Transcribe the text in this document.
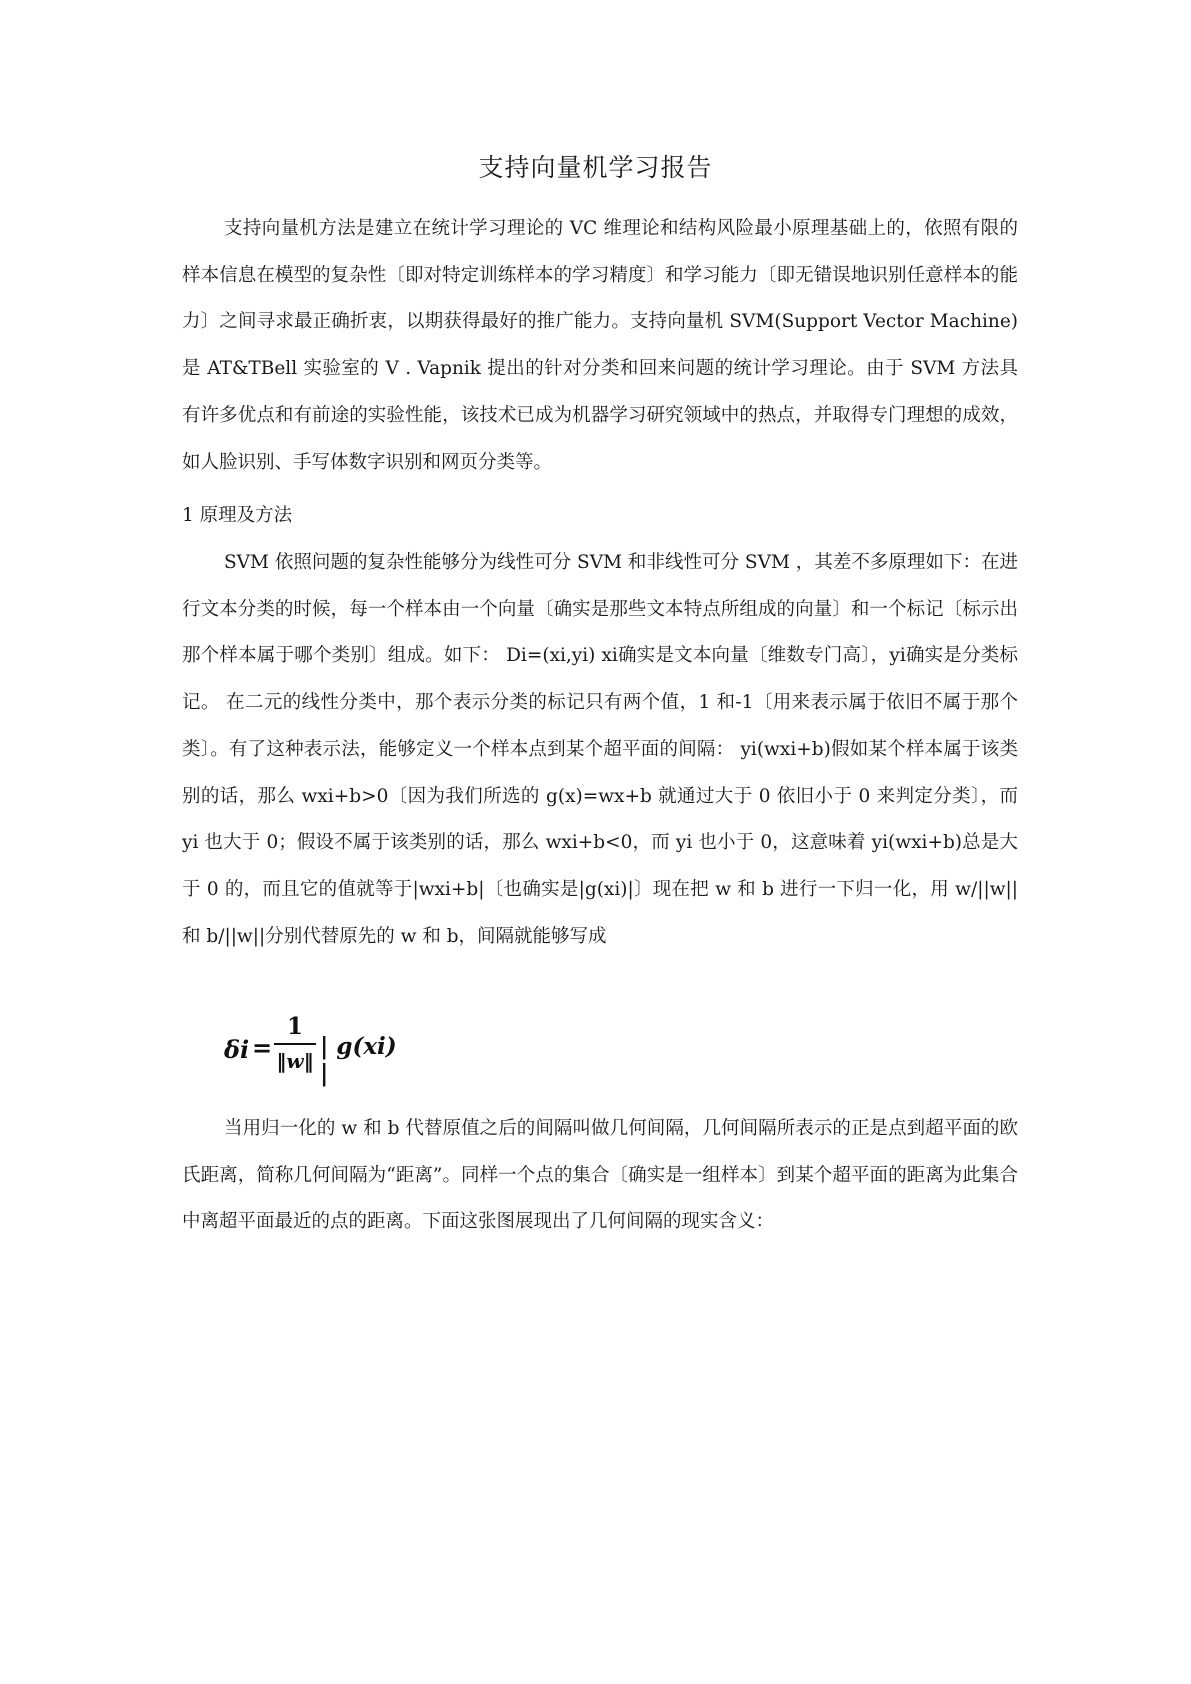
支持向量机学习报告

支持向量机方法是建立在统计学习理论的 VC 维理论和结构风险最小原理基础上的，依照有限的样本信息在模型的复杂性〔即对特定训练样本的学习精度〕和学习能力〔即无错误地识别任意样本的能力〕之间寻求最正确折衷，以期获得最好的推广能力。支持向量机 SVM(Support Vector Machine)是 AT&TBell 实验室的 V . Vapnik 提出的针对分类和回来问题的统计学习理论。由于 SVM 方法具有许多优点和有前途的实验性能，该技术已成为机器学习研究领域中的热点，并取得专门理想的成效，如人脸识别、手写体数字识别和网页分类等。

1 原理及方法

SVM 依照问题的复杂性能够分为线性可分 SVM 和非线性可分 SVM ，其差不多原理如下：在进行文本分类的时候，每一个样本由一个向量〔确实是那些文本特点所组成的向量〕和一个标记〔标示出那个样本属于哪个类别〕组成。如下： Di=(xi,yi) xi确实是文本向量〔维数专门高〕，yi确实是分类标记。 在二元的线性分类中，那个表示分类的标记只有两个值，1 和-1〔用来表示属于依旧不属于那个类〕。有了这种表示法，能够定义一个样本点到某个超平面的间隔： yi(wxi+b)假如某个样本属于该类别的话，那么 wxi+b>0〔因为我们所选的 g(x)=wx+b 就通过大于 0 依旧小于 0 来判定分类〕，而 yi 也大于 0；假设不属于该类别的话，那么 wxi+b<0，而 yi 也小于 0，这意味着 yi(wxi+b)总是大于 0 的，而且它的值就等于|wxi+b|〔也确实是|g(xi)|〕现在把 w 和 b 进行一下归一化，用 w/||w||和 b/||w||分别代替原先的 w 和 b，间隔就能够写成

δi =
1
‖w‖
| g(xi) |

当用归一化的 w 和 b 代替原值之后的间隔叫做几何间隔，几何间隔所表示的正是点到超平面的欧氏距离，简称几何间隔为“距离”。同样一个点的集合〔确实是一组样本〕到某个超平面的距离为此集合中离超平面最近的点的距离。下面这张图展现出了几何间隔的现实含义：
